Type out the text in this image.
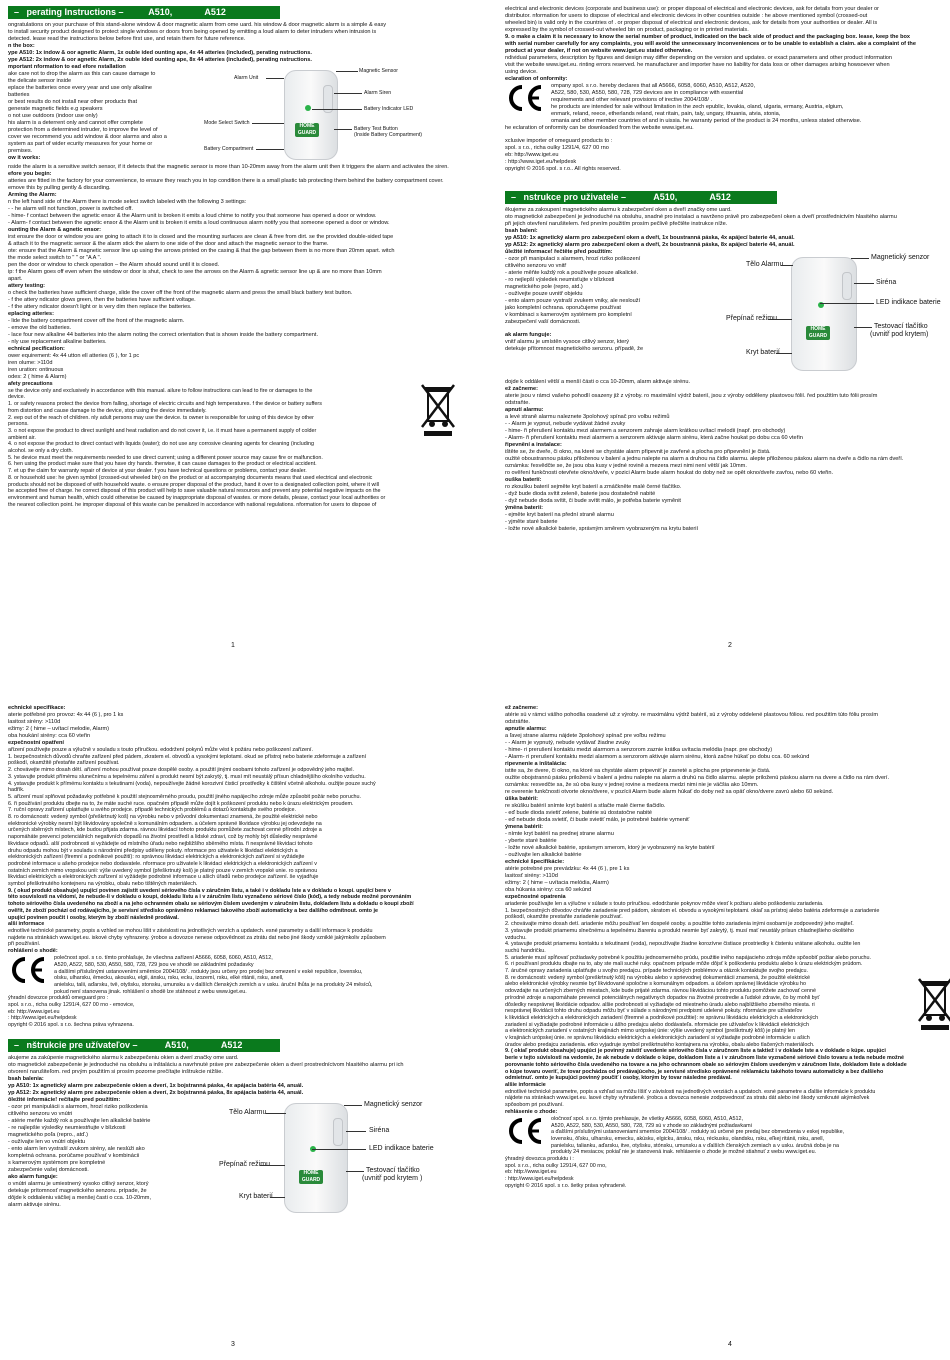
–   perating Instructions –          A510,             A512

ongratulations on your purchase of this stand-alone window & door magnetic alarm from ome uard. his window & door magnetic alarm is a simple & easy

to install security product designed to protect single windows or doors from being opened by emitting a loud alarm to deter intruders when intrusion is

detected. lease read the instructions below before first use, and retain them for future reference.

n the box:

ype A510: 1x indow & oor agnetic Alarm, 1x ouble ided ounting ape, 4x 44 atteries (included), perating nstructions.

ype A512: 2x indow & oor agnetic Alarm, 2x ouble ided ounting ape, 8x 44 atteries (included), perating nstructions.

mportant nformation to ead efore nstallation

ake care not to drop the alarm as this can cause damage to

the delicate sensor inside

eplace the batteries once every year and use only alkaline

batteries

or best results do not install near other products that

generate magnetic fields e.g speakers

o not use outdoors (indoor use only)

his alarm is a deterrent only and cannot offer complete

protection from a determined intruder, to improve the level of

cover we recommend you add window & door alarms and also a

system as part of wider ecurity measures for your home or

premises.

ow it works:

HOME GUARD
Magnetic Sensor
Alarm Unit
Alarm Siren
Battery Indicator LED
Mode Select Switch
Battery Test Button
(Inside Battery Compartment)
Battery Compartment

nside the alarm is a sensitive switch sensor, if it detects that the magnetic sensor is more than 10-20mm away from the alarm unit then it triggers the alarm and activates the siren.

efore you begin:

atteries are fitted in the factory for your convenience, to ensure they reach you in top condition there is a small plastic tab protecting them behind the battery compartment cover. emove this by pulling gently & discarding.

Arming the Alarm:

n the left hand side of the Alarm there is mode select switch labeled with the following 3 settings:

- - he alarm will not function, power is switched off.

- hime- f contact between the agnetic ensor & the Alarm unit is broken it emits a loud chime to notify you that someone has opened a door or window.

- Alarm- f contact between the agnetic ensor & the Alarm unit is broken it emits a loud continuous alarm notify you that someone opened a door or window.

ounting the Alarm & agnetic ensor:

irst ensure the door or window you are going to attach it to is closed and the mounting surfaces are clean & free from dirt. se the provided double-sided tape

& attach it to the magnetic sensor & the alarm stick the alarm to one side of the door and attach the magnetic sensor to the frame.

ote: ensure that the Alarm & magnetic sensor line up using the arrows printed on the casing & that the gap between them is no more than 20mm apart. witch

the mode select switch to " " or "A A ".

pen the door or window to check operation – the Alarm should sound until it is closed.

ip: f the Alarm goes off even when the window or door is shut, check to see the arrows on the Alarm & agnetic sensor line up & are no more than 10mm

apart.

attery testing:

o check the batteries have sufficient charge, slide the cover off the front of the magnetic alarm and press the small black battery test button.

- f the attery ndicator glows green, then the batteries have sufficient voltage.

- f the attery ndicator doesn't light or is very dim then replace the batteries.

eplacing atteries:

- lide the battery compartment cover off the front of the magnetic alarm.

- emove the old batteries.

- lace four new alkaline 44 batteries into the alarm noting the correct orientation that is shown inside the battery compartment.

- nly use replacement alkaline batteries.

echnical pecification:

ower equirement: 4x 44 utton ell atteries (6 ), for 1 pc

iren olume: >110d

iren uration: ontinuous

odes: 2 ( hime & Alarm)

afety precautions

se the device only and exclusively in accordance with this manual. ailure to follow instructions can lead to fire or damages to the

device.

1. or safety reasons protect the device from falling, shortage of electric circuits and high temperatures. f the device or battery suffers

from distortion and cause damage to the device, stop using the device immediately.

2. eep out of the reach of children. nly adult persons may use the device. ts owner is responsible for using of this device by other

persons.

3. o not expose the product to direct sunlight and heat radiation and do not cover it, i.e. it must have a permanent supply of colder

ambient air.

4. o not expose the product to direct contact with liquids (water); do not use any corrosive cleaning agents for cleaning (including

alcohol. se only a dry cloth.

5. he device must meet the requirements needed to use direct current; using a different power source may cause fire or malfunction.

6. hen using the product make sure that you have dry hands. therwise, it can cause damages to the product or electrical accident.

7. et up the claim for warranty repair of device at your dealer. f you have technical questions or problems, contact your dealer.

8. or household use: he given symbol (crossed-out wheeled bin) on the product or at accompanying documents means that used electrical and electronic

products should not be disposed of with household waste. o ensure proper disposal of the product, hand it over to a designated collection point, where it will

be accepted free of charge. he correct disposal of this product will help to save valuable natural resources and prevent any potential negative impacts on the

environment and human health, which could otherwise be caused by inappropriate disposal of wastes. or more details, please, contact your local authorities or

the nearest collection point. he improper disposal of this waste can be penalized in accordance with national regulations. nformation for users to dispose of

1

electrical and electronic devices (corporate and business use): or proper disposal of electrical and electronic devices, ask for details from your dealer or

distributor. nformation for users to dispose of electrical and electronic devices in other countries outside : he above mentioned symbol (crossed-out

wheeled bin) is valid only in the countries of . or proper disposal of electrical and electronic devices, ask for details from your authorities or dealer. All is

expressed by the symbol of crossed-out wheeled bin on product, packaging or in printed materials.

9. o make a claim it is necessary to know the serial number of product, indicated on the back side of product and the packaging box. lease, keep the box

with serial number carefully for any complaints, you will avoid the unnecessary inconveniences or to be unable to establish a claim. ake a complaint of the

product at your dealer, if not on website www.iget.eu stated otherwise.

ndividual parameters, description by figures and design may differ depending on the version and updates. or exact parameters and other product information

visit the website www.iget.eu. rinting errors reserved. he manufacturer and importer have no liability for data loss or other damages arising howsoever when

using device.

eclaration of onformity:

ompany spol. s r.o. hereby declares that all A5666, 6058, 6060, A510, A512, A520,

A522, 580, 530, A550, 580, 728, 729 devices are in compliance with essential

requirements and other relevant provisions of irective 2004/108/ .

he products are intended for sale without limitation in the zech epublic, lovakia, oland, ulgaria, ermany, Austria, elgium,

enmark, reland, reece, etherlands reland, reat ritain, pain, taly, ungary, ithuania, atvia, stonia,

omania and other member countries of and in uissia. he warranty period of the product is 24 months, unless stated otherwise.

he eclaration of onformity can be downloaded from the website www.iget.eu.

xclusive importer of omeguard products to :

spol. s r.o., richa oulky 1291/4, 627 00 rno

eb: http://www.iget.eu

: http://www.iget.eu/helpdesk

opyright © 2016 spol. s r.o.. All rights reserved.

–   nstrukce pro uživatele –           A510,             A512

ěkujeme za zakoupení magnetického alarmu k zabezpečení oken a dveří značky ome uard.

oto magnetické zabezpečení je jednoduché na obsluhu, snadné pro instalaci a navrženo právě pro zabezpečení oken a dveří prostřednictvím hlasitého alarmu

při jejich otevření narušitelem. řed prvním použitím prosím pečlivě přečtěte instrukce níže.

bsah balení:

yp A510: 1x agnetický alarm pro zabezpečení oken a dveří, 1x boustranná páska, 4x apájecí baterie 44, anuál.

yp A512: 2x agnetický alarm pro zabezpečení oken a dveří, 2x boustranná páska, 8x apájecí baterie 44, anuál.

ůležité informace! řečtěte před použitím:

- ozor při manipulaci s alarmem, hrozí riziko poškození

citlivého senzoru vo vnitř

- aterie měňte každý rok a používejte pouze alkalické.

- ro nejlepší výsledek neumisťujte v blízkosti

magnetického pole (repro, atd.)

- oužívejte pouze uvnitř objektu

- ento alarm pouze vystraší zvukem vniky, ale neslouží

jako kompletní ochrana. oporučujeme používat

v kombinaci s kamerovým systémem pro kompletní

zabezpečení vaší domácnosti.

ak alarm funguje:

vnitř alarmu je umístěn vysoce citlivý senzor, který

detekuje přítomnost magnetického senzoru. případě, že

HOME GUARD
Tělo Alarmu
Magnetický senzor
Siréna
LED indikace baterie
Přepínač režimu
Testovací tlačítko
(uvnitř pod krytem)
Kryt baterií

dojde k oddálení větší a menší části o cca 10-20mm, alarm aktivuje sirénu.

ež začneme:

aterie jsou v rámci vašeho pohodlí osazeny již z výroby. ro maximální výdrž baterií, jsou z výroby odděleny plastovou fólií. řed použitím tuto fólii prosím

odstraňte.

apnutí alarmu:

a levé straně alarmu naleznete 3polohový spínač pro volbu režimů

- - Alarm je vypnut, nebude vydávat žádné zvuky

- hime- ři přerušení kontaktu mezi alarmem a senzorem zahraje alarm krátkou uvítací melodii (např. pro obchody)

- Alarm- ři přerušení kontaktu mezi alarmem a senzorem aktivuje alarm sirénu, která začne houkat po dobu cca 60 vteřin

řipevnění a instalace:

ištěte se, že dveře, či okno, na které se chystáte alarm připevnit je zavřené a plocha pro připevnění je čistá.

oužité oboustrannou pásku přiloženou v balení a jednu nalepte na alarm a druhou na čidlo alarmu. alepte přiloženou páskou alarm na dveře a čidlo na rám dveří.

oznámka: řesvědčte se, že jsou oba kusy v jedné rovině a mezera mezi nimi není větší jak 10mm.

ro ověření funkčnosti otevřete okno/dveře, v pozici Alarm bude alarm houkat do doby než se opět okno/dveře zavřou, nebo 60 vteřin.

ouška baterií:

ro zkoušku baterií sejměte kryt baterií a zmáčkněte malé černé tlačítko.

- dyž bude dioda svítit zeleně, baterie jsou dostatečně nabité

- dyž nebude dioda svítit, či bude svítit málo, je potřeba baterie vyměnit

ýměna baterií:

- ejměte kryt baterií na přední straně alarmu

- yjměte staré baterie

- ložte nové alkalické baterie, správným směrem vyobrazeným na krytu baterií

2

echnické specifikace:

aterie potřebné pro provoz: 4x 44 (6 ), pro 1 ks

lasitost sirény: >110d

ežimy: 2 ( hime – uvítací melodie, Alarm)

oba houkání sirény: cca 60 vteřin

ezpečnostní opatření

ařízení používejte pouze a výlučně v souladu s touto příručkou. edodržení pokynů může vést k požáru nebo poškození zařízení.

1. bezpečnostních důvodů chraňte zařízení před pádem, zkratem el. obvodů a vysokými teplotami. okud se přístroj nebo baterie zdeformuje a zařízení

poškodí, okamžitě přestaňte zařízení používat.

2. chovávejte mimo dosah dětí. ařízení mohou používat pouze dospělé osoby. a použití jinými osobami tohoto zařízení je odpovědný jeho majitel.

3. ystavujte produkt přímému slunečnímu a tepelnému záření a produkt nesmí být zakrytý, tj. musí mít neustálý přísun chladnějšího okolního vzduchu.

4. ystavujte produkt k přímému kontaktu s tekutinami (voda), nepoužívejte žádné korozivní čisticí prostředky k čištění včetně alkoholu. oužijte pouze suchý

hadřík.

5. ařízení musí splňovat požadavky potřebné k použití stejnosměrného proudu, použití jiného napájecího zdroje může způsobit požár nebo poruchu.

6. ři používání produktu dbejte na to, že máte suché ruce. opačném případě může dojít k poškození produktu nebo k úrazu elektrickým proudem.

7. ruční opravy zařízení uplatňujte u svého prodejce. případě technických problémů a dotazů kontaktujte svého prodejce.

8. ro domácnosti: vedený symbol (přeškrtnutý koš) na výrobku nebo v průvodní dokumentaci znamená, že použité elektrické nebo

elektronické výrobky nesmí být likvidovány společně s komunálním odpadem. a účelem správné likvidace výrobku jej odevzdejte na

určených sběrných místech, kde budou přijata zdarma. rávnou likvidací tohoto produktu pomůžete zachovat cenné přírodní zdroje a

napomáháte prevenci potenciálních negativních dopadů na životní prostředí a lidské zdraví, což by mohly být důsledky nesprávné

likvidace odpadů. alší podrobnosti si vyžádejte od místního úřadu nebo nejbližšího sběrného místa. ři nesprávné likvidaci tohoto

druhu odpadu mohou být v souladu s národními předpisy uděleny pokuty. nformace pro uživatele k likvidaci elektrických a

elektronických zařízení (firemní a podnikové použití): ro správnou likvidaci elektrických a elektronických zařízení si vyžádejte

podrobné informace u ašeho prodejce nebo dodavatele. nformace pro uživatele k likvidaci elektrických a elektronických zařízení v

ostatních zemích mimo vropskou unii: výše uvedený symbol (přeškrtnutý koš) je platný pouze v zemích vropské unie. ro správnou

likvidaci elektrických a elektronických zařízení si vyžádejte podrobné informace u ašich úřadů nebo prodejce zařízení. še vyjadřuje

symbol přeškrtnutého kontejneru na výrobku, obalu nebo tištěných materiálech.

9. ( okud produkt obsahuje) upující povinen zajistit uvedení sériového čísla v záručním listu, a také i v dokladu lste a v dokladu o koupi. upující bere v

této souvislosti na vědomí, že nebude-li v dokladu o koupi, dokladu lístu a i v záručním listu vyznačeno sériové číslo (kód), a tedy nebude možné porovnáním

tohoto sériového čísla uvedeného na zboží a na jeho ochranném obalu se sériovým číslem uvedeným v záručním listu, dokladem lístu a dokladu o koupi zboží

ověřit, že zboží pochází od rodávajícího, je servisní středisko oprávněno reklamaci takového zboží automaticky a bez dalšího odmítnout. omto je

upující povinen poučit i osoby, kterým by zboží následně prodával.

alší informace

ednotlivé technické parametry, popis a vzhled se mohou lišit v závislosti na jednotlivých verzích a updatech. esné parametry a další informace k produktu

najdete na stránkách www.iget.eu. iskové chyby vyhrazeny. ýrobce a dovozce nenese odpovědnost za ztrátu dat nebo jiné škody vzniklé jakýmkoliv způsobem

při používání.

rohlášení o shodě:

polečnost spol. s r.o. tímto prohlašuje, že všechna zařízení A5666, 6058, 6060, A510, A512,

A520, A522, 580, 530, A550, 580, 728, 729 jsou ve shodě se základními požadavky

a dalšími příslušnými ustanoveními směrnice 2004/108/ . rodukty jsou určeny pro prodej bez omezení v eské republice, lovensku,

olsku, ulharsku, ěmecku, akousku, elgii, ánsku, rsku, ecku, izozemí, rsku, elké ritánii, rsku, anell,

anielsku, talii, aďarsku, tvě, otyšsku, stonsku, umunsku a v dalších členských zemích a v usku. áruční lhůta je na produkty 24 měsíců,

pokud není stanovena jinak. rohlášení o shodě lze stáhnout z webu www.iget.eu.

ýhradní dovozce produktů omeguard pro :

spol. s r.o., richa oulky 1291/4, 627 00 rno - emovice,

eb: http://www.iget.eu

: http://www.iget.eu/helpdesk

opyright © 2016 spol. s r.o. šechna práva vyhrazena.

–   nštrukcie pre užívateľov –           A510,             A512

akujeme za zakúpenie magnetického alarmu k zabezpečeniu okien a dverí značky ome uard.

oto magnetické zabezpečenie je jednoduché na obsluhu a inštaláciu a navrhnuté práve pre zabezpečenie okien a dverí prostredníctvom hlasitého alarmu pri ich

otvorení narušiteľom. red prvým použitím si prosím pozorne prečítajte inštrukcie nižšie.

bsah balenia:

yp A510: 1x agnetický alarm pre zabezpečenie okien a dverí, 1x bojstranná páska, 4x apájacia batéria 44, anuál.

yp A512: 2x agnetický alarm pre zabezpečenie okien a dverí, 2x bojstranná páska, 8x apájacia batéria 44, anuál.

ôležité informácie! rečítajte pred použitím:

- ozor pri manipulácii s alarmom, hrozí riziko poškodenia

citlivého senzoru vo vnútri

- atérie meňte každý rok a používajte len alkalické batérie

- re najlepšie výsledky neumiestňujte v blízkosti

magnetického poľa (repro., atď.)

- oužívajte len vo vnútri objektu

- ento alarm len vystraší zvukom sirény, ale neslúži ako

kompletná ochrana. porúčame používať v kombinácii

s kamerovým systémom pre kompletné

zabezpečenie vašej domácnosti.

ako alarm funguje:

o vnútri alarmu je umiestnený vysoko citlivý senzor, ktorý

detekuje prítomnosť magnetického senzoru. prípade, že

dôjde k oddialeniu väčšej a menšej časti o cca. 10-20mm,

alarm aktivuje sirénu.

HOME GUARD
Tělo Alarmu
Magnetický senzor
Siréna
LED indikace baterie
Přepínač režimu
Testovací tlačítko
(uvnitř pod krytem )
Kryt baterií
3

ež začneme:

atérie sú v rámci vášho pohodlia osadené už z výroby. re maximálnu výdrž batérií, sú z výroby oddelené plastovou fóliou. red použitím túto fóliu prosím

odstráňte.

apnutie alarmu:

a ľavej strane alarmu nájdete 3polohový spínač pre voľbu režimu

- - Alarm je vypnutý, nebude vydávať žiadne zvuky

- hime- ri prerušení kontaktu medzi alarmom a senzorom zaznie krátka uvítacia melódia (napr. pre obchody)

- Alarm- ri prerušení kontaktu medzi alarmom a senzorom aktivuje alarm sirénu, ktorá začne húkať po dobu cca. 60 sekúnd

ripevnenie a inštalácia:

istite sa, že dvere, či okno, na ktoré sa chystáte alarm pripevniť je zavreté a plocha pre pripevnenie je čistá.

oužite obojstrannú pásku priloženú v balení a jednu nalepte na alarm a druhú na čidlo alarmu. alepte priloženú páskou alarm na dvere a čidlo na rám dverí.

oznámka: resvedčte sa, že sú oba kusy v jednej rovine a medzera medzi nimi nie je väčšia ako 10mm.

re overenie funkčnosti otvorte okno/dvere, v pozícii Alarm bude alarm húkať do doby než sa opäť okno/dvere zavrú alebo 60 sekúnd.

úška batérií:

re skúšku batérií snímte kryt batérií a stlačte malé čierne tlačidlo.

- eď bude dioda svietiť zelene, batérie sú dostatočne nabité

- eď nebude dioda svietiť, či bude svietiť málo, je potrebné batérie vymeniť

ýmena batérií:

- nímte kryt batérií na prednej strane alarmu

- yberte staré batérie

- ložte nové alkalické batérie, správnym smerom, ktorý je vyobrazený na kryte batérií

- oužívajte len alkalické batérie

echnické špecifikácie:

atérie potrebné pre prevádzku: 4x 44 (6 ), pre 1 ks

lasitosť sirény: >110d

ežimy: 2 ( hime – uvítacia melódia, Alarm)

oba húkania sirény: cca 60 sekúnd

ezpečnostné opatrenia

ariadenie používajte len a výlučne v súlade s touto príručkou. edodržanie pokynov môže viesť k požiaru alebo poškodeniu zariadenia.

1. bezpečnostných dôvodov chráňte zariadenie pred pádom, skratom el. obvodu a vysokými teplotami. okiaľ sa prístroj alebo batéria zdeformuje a zariadenie

poškodí, okamžite prestaňte zariadenie používať.

2. chovávajte mimo dosah detí. ariadenie môžu používať len dospelé osoby. a použitie tohto zariadenia inými osobami je zodpovedný jeho majiteľ.

3. ystavujte produkt priamemu slnečnému a tepelnému žiareniu a produkt nesmie byť zakrytý, tj. musí mať neustály prísun chladnejšieho okolitého

vzduchu.

4. ystavujte produkt priamemu kontaktu s tekutinami (voda), nepoužívajte žiadne korozívne čistiace prostriedky k čisteniu vrátane alkoholu. oužite len

suchú handričku.

5. ariadenie musí spĺňovať požiadavky potrebné k použitiu jednosmerného prúdu, použitie iného napájacieho zdroja môže spôsobiť požiar alebo poruchu.

6. ri používaní produktu dbajte na to, aby ste mali suché ruky. opačnom prípade môže dôjsť k poškodeniu produktu alebo k úrazu elektrickým prúdom.

7. áručné opravy zariadenia uplatňujte u svojho predajcu. prípade technických problémov a otázok kontaktujte svojho predajcu.

8. re domácnosti: vedený symbol (preškrtnutý kôš) na výrobku alebo v sprievodnej dokumentácii znamená, že použité elektrické

alebo elektronické výrobky nesmie byť likvidované spoločne s komunálnym odpadom. a účelom správnej likvidácie výrobku ho

odovzdajte na určených zberných miestach, kde bude prijaté zdarma. rávnou likvidáciou tohto produktu pomôžete zachovať cenné

prírodné zdroje a napomáhate prevencii potenciálnych negatívnych dopadov na životné prostredie a ľudské zdravie, čo by mohli byť

dôsledky nesprávnej likvidácie odpadov. alšie podrobnosti si vyžiadajte od miestneho úradu alebo najbližšieho zberného miesta. ri

nesprávnej likvidácii tohto druhu odpadu môžu byť v súlade s národnými predpismi udelené pokuty. nformácie pre užívateľov

k likvidácii elektrických a elektronických zariadení (firemné a podnikové použitie): re správnu likvidáciu elektrických a elektronických

zariadení si vyžiadajte podrobné informácie u ášho predajcu alebo dodávateľa. nformácie pre užívateľov k likvidácii elektrických

a elektronických zariadení v ostatných krajinách mimo urópskej únie: výšie uvedený symbol (preškrtnutý kôš) je platný len

v krajinách urópskej únie. re správnu likvidáciu elektrických a elektronických zariadení si vyžiadajte podrobné informácie u ašich

úradov alebo predajcu zariadenia. etko vyjadruje symbol preškrtnutého kontajnera na výrobku, obalu alebo tlačených materiáloch.

9. ( okiaľ produkt obsahuje) upujúci je povinný zaistiť uvedenie sériového čísla v záručnom liste a taktiež i v doklade lste a v doklade o kúpe. upujúci

berie v tejto súvislosti na vedomie, že ak nebude v doklade o kúpe, dokladom liste a i v záručnom liste vyznačené sériové číslo tovaru a teda nebude možné

porovnanie tohto sériového čísla uvedeného na tovare a na jeho ochrannom obale so sériovým číslom uvedeným v záručnom liste, dokladom liste a doklade

o kúpe tovaru overiť, že tovar pochádza od predávajúceho, je servisné stredisko oprávnené reklamáciu takéhoto tovaru automaticky a bez ďalšieho

odmietnuť. omto je kupujúci povinný poučiť i osoby, ktorým by tovar následne predával.

alšie informácie

ednotlivé technické parametre, popis a vzhľad sa môžu líšiť v závislosti na jednotlivých verziách a updatoch. esné parametre a ďalšie informácie k produktu

nájdete na stránkach www.iget.eu. laové chyby vyhradené. ýrobca a dovozca nenesie zodpovednosť za stratu dát alebo iné škody vzniknuté akýmkoľvek

spôsobom pri používaní.

rehlásenie o zhode:

oločnosť spol. s r.o. týmto prehlasuje, že všetky A5666, 6058, 6060, A510, A512,

A520, A522, 580, 530, A550, 580, 728, 729 sú v zhode so základnými požiadavkami

a ďalšími príslušnými ustanoveniami smernice 2004/108/ . rodukty sú určené pre predaj bez obmedzenia v eskej republike,

lovensku, ôľsku, ulharsku, emecku, akúsku, elgicku, ánsku, rsku, réckusku, olandsku, rsku, eľkej ritánii, rsku, anell,

panielsku, talianku, aďarsku, itve, otyšsku, stónsku, umunsku a v ďalších členských zemiach a v usku. áručná doba je na

produkty 24 mesiacov, pokiaľ nie je stanovená inak. rehlásenie o zhode je možné stiahnuť z webu www.iget.eu.

ýhradný dovozca produktu i :

spol. s r.o., richa oulky 1291/4, 627 00 rno,

eb: http://www.iget.eu

: http://www.iget.eu/helpdesk

opyright © 2016 spol. s r.o. šetky práva vyhradené.

4
